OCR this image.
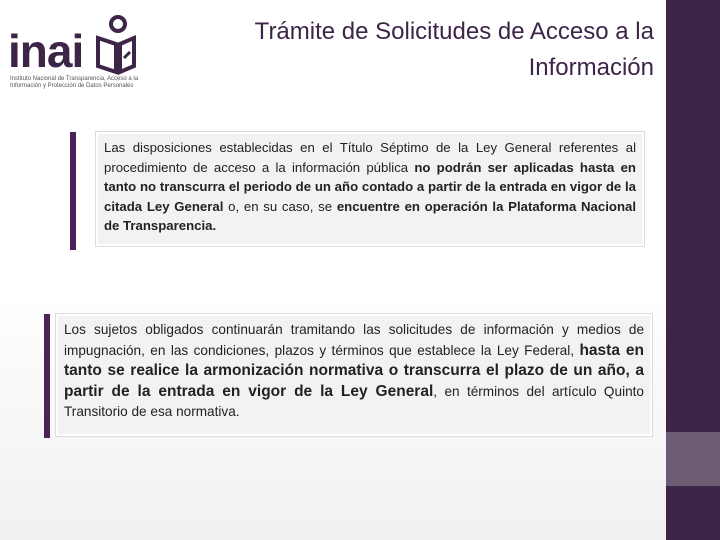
inai
Instituto Nacional de Transparencia, Acceso a la Información y Protección de Datos Personales
Trámite de Solicitudes de Acceso a la Información
Las disposiciones establecidas en el Título Séptimo de la Ley General referentes al procedimiento de acceso a la información pública no podrán ser aplicadas hasta en tanto no transcurra el periodo de un año contado a partir de la entrada en vigor de la citada Ley General o, en su caso, se encuentre en operación la Plataforma Nacional de Transparencia.
Los sujetos obligados continuarán tramitando las solicitudes de información y medios de impugnación, en las condiciones, plazos y términos que establece la Ley Federal, hasta en tanto se realice la armonización normativa o transcurra el plazo de un año, a partir de la entrada en vigor de la Ley General, en términos del artículo Quinto Transitorio de esa normativa.
